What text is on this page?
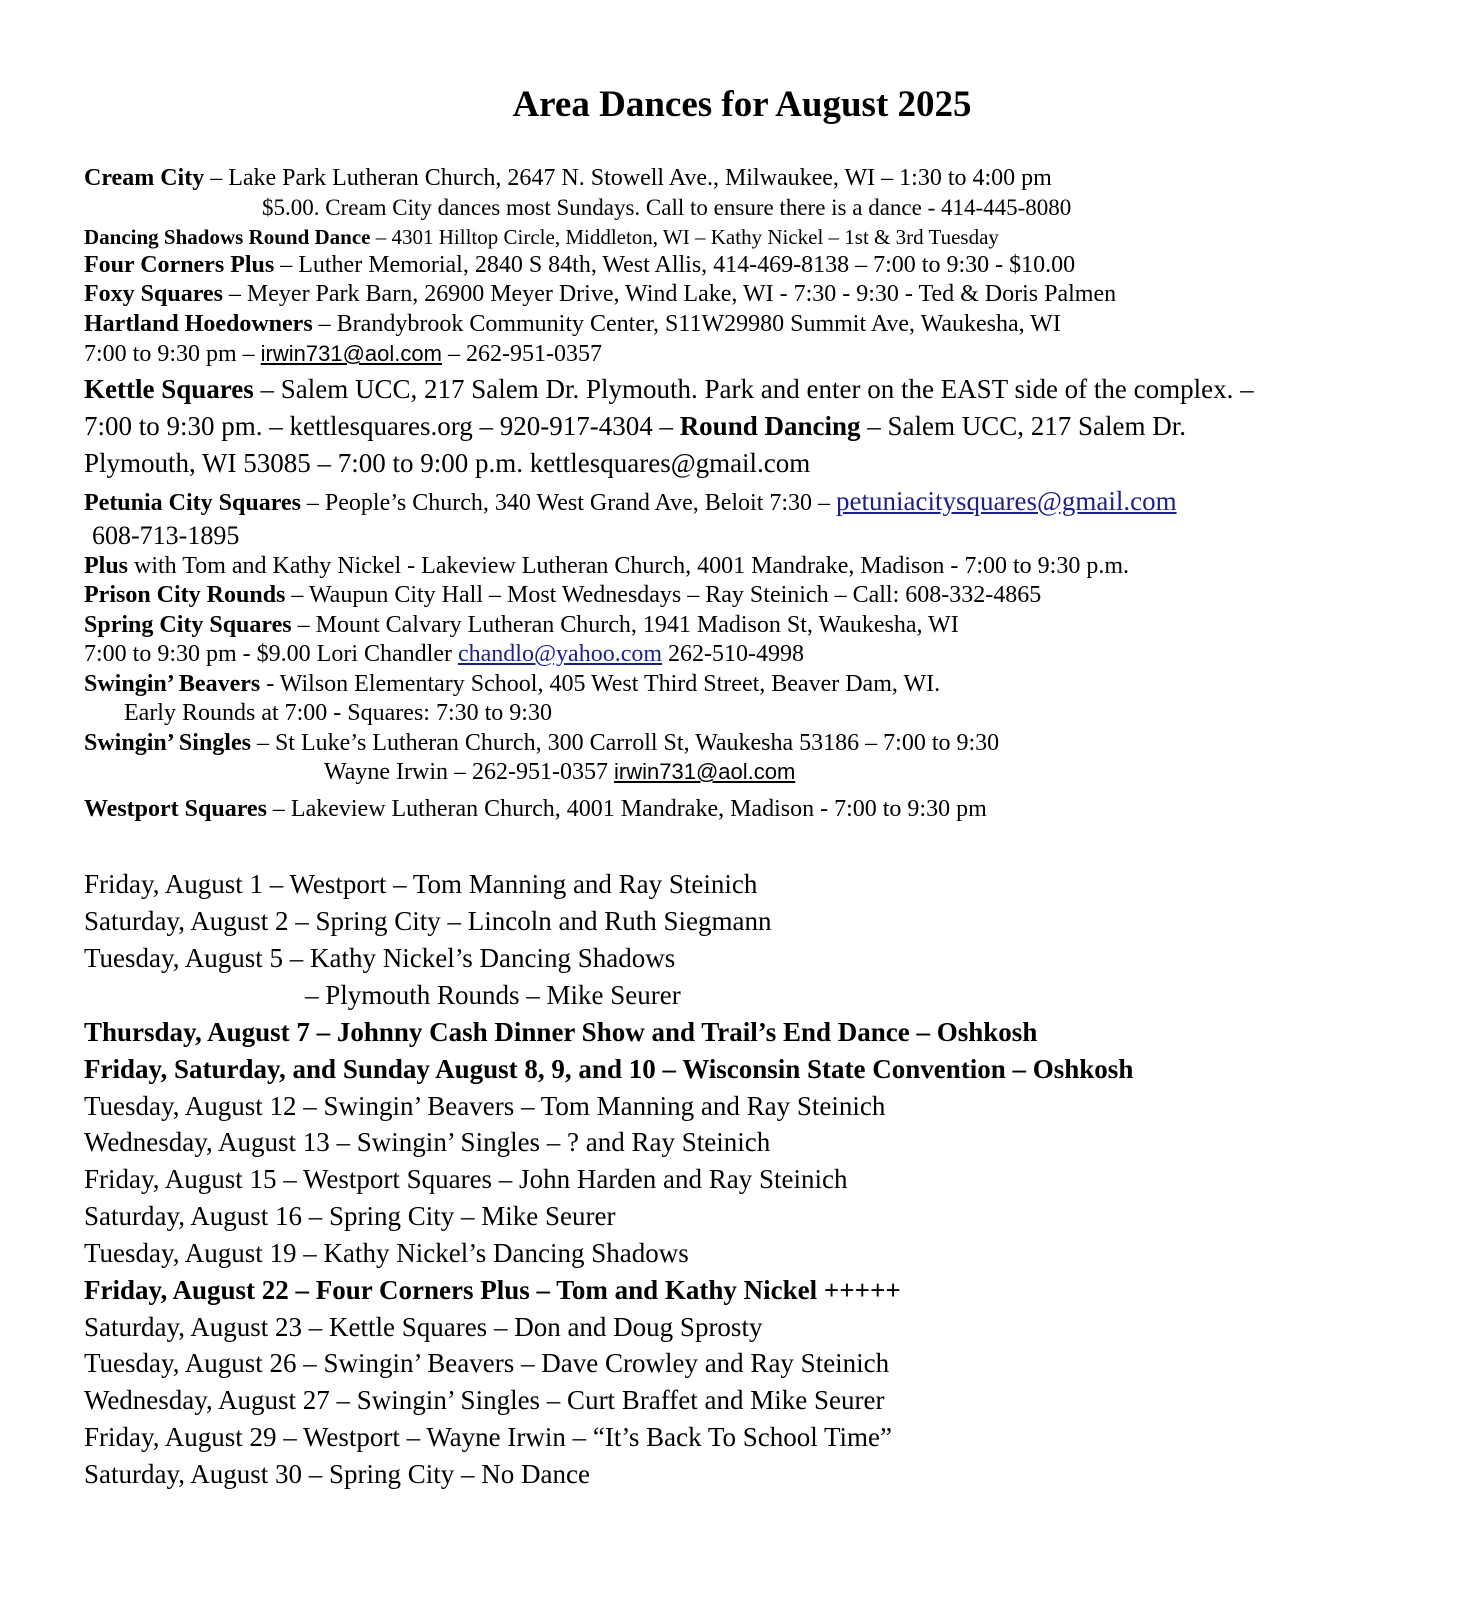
Area Dances for August 2025
Cream City – Lake Park Lutheran Church, 2647 N. Stowell Ave., Milwaukee, WI – 1:30 to 4:00 pm
$5.00. Cream City dances most Sundays. Call to ensure there is a dance - 414-445-8080
Dancing Shadows Round Dance – 4301 Hilltop Circle, Middleton, WI – Kathy Nickel – 1st & 3rd Tuesday
Four Corners Plus – Luther Memorial, 2840 S 84th, West Allis, 414-469-8138 – 7:00 to 9:30 - $10.00
Foxy Squares – Meyer Park Barn, 26900 Meyer Drive, Wind Lake, WI - 7:30 - 9:30 - Ted & Doris Palmen
Hartland Hoedowners – Brandybrook Community Center, S11W29980 Summit Ave, Waukesha, WI
7:00 to 9:30 pm – irwin731@aol.com – 262-951-0357
Kettle Squares – Salem UCC, 217 Salem Dr. Plymouth. Park and enter on the EAST side of the complex. –
7:00 to 9:30 pm. – kettlesquares.org – 920-917-4304 – Round Dancing – Salem UCC, 217 Salem Dr.
Plymouth, WI 53085 – 7:00 to 9:00 p.m. kettlesquares@gmail.com
Petunia City Squares – People’s Church, 340 West Grand Ave, Beloit 7:30 – petuniacitysquares@gmail.com
608-713-1895
Plus with Tom and Kathy Nickel - Lakeview Lutheran Church, 4001 Mandrake, Madison - 7:00 to 9:30 p.m.
Prison City Rounds – Waupun City Hall – Most Wednesdays – Ray Steinich – Call: 608-332-4865
Spring City Squares – Mount Calvary Lutheran Church, 1941 Madison St, Waukesha, WI
7:00 to 9:30 pm - $9.00 Lori Chandler chandlo@yahoo.com 262-510-4998
Swingin’ Beavers - Wilson Elementary School, 405 West Third Street, Beaver Dam, WI.
Early Rounds at 7:00 - Squares: 7:30 to 9:30
Swingin’ Singles – St Luke’s Lutheran Church, 300 Carroll St, Waukesha 53186 – 7:00 to 9:30
Wayne Irwin – 262-951-0357 irwin731@aol.com
Westport Squares – Lakeview Lutheran Church, 4001 Mandrake, Madison - 7:00 to 9:30 pm
Friday, August 1 – Westport – Tom Manning and Ray Steinich
Saturday, August 2 – Spring City – Lincoln and Ruth Siegmann
Tuesday, August 5 – Kathy Nickel’s Dancing Shadows
– Plymouth Rounds – Mike Seurer
Thursday, August 7 – Johnny Cash Dinner Show and Trail’s End Dance – Oshkosh
Friday, Saturday, and Sunday August 8, 9, and 10 – Wisconsin State Convention – Oshkosh
Tuesday, August 12 – Swingin’ Beavers – Tom Manning and Ray Steinich
Wednesday, August 13 – Swingin’ Singles – ? and Ray Steinich
Friday, August 15 – Westport Squares – John Harden and Ray Steinich
Saturday, August 16 – Spring City – Mike Seurer
Tuesday, August 19 – Kathy Nickel’s Dancing Shadows
Friday, August 22 – Four Corners Plus – Tom and Kathy Nickel +++++
Saturday, August 23 – Kettle Squares – Don and Doug Sprosty
Tuesday, August 26 – Swingin’ Beavers – Dave Crowley and Ray Steinich
Wednesday, August 27 – Swingin’ Singles – Curt Braffet and Mike Seurer
Friday, August 29 – Westport – Wayne Irwin – “It’s Back To School Time”
Saturday, August 30 – Spring City – No Dance
